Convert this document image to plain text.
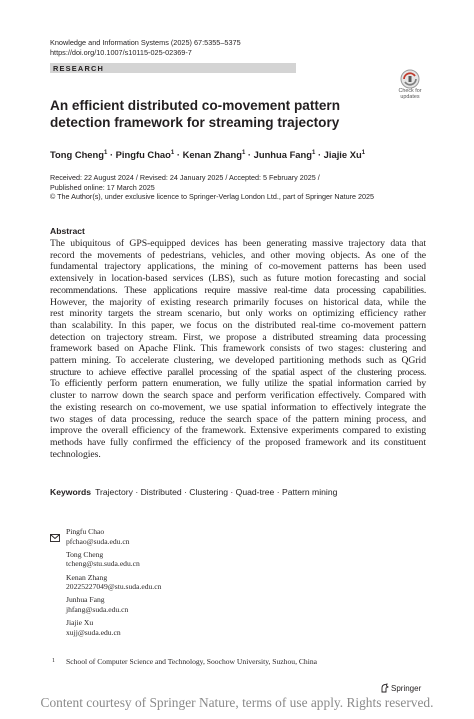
Knowledge and Information Systems (2025) 67:5355–5375
https://doi.org/10.1007/s10115-025-02369-7
RESEARCH
Check for
updates
An efficient distributed co-movement pattern detection framework for streaming trajectory
Tong Cheng$^1$ · Pingfu Chao$^1$ · Kenan Zhang$^1$ · Junhua Fang$^1$ · Jiajie Xu$^1$
Received: 22 August 2024 / Revised: 24 January 2025 / Accepted: 5 February 2025 /
Published online: 17 March 2025
© The Author(s), under exclusive licence to Springer-Verlag London Ltd., part of Springer Nature 2025
Abstract
The ubiquitous of GPS-equipped devices has been generating massive trajectory data that
record the movements of pedestrians, vehicles, and other moving objects. As one of the
fundamental trajectory applications, the mining of co-movement patterns has been used
extensively in location-based services (LBS), such as future motion forecasting and social
recommendations. These applications require massive real-time data processing capabilities.
However, the majority of existing research primarily focuses on historical data, while the
rest minority targets the stream scenario, but only works on optimizing efficiency rather
than scalability. In this paper, we focus on the distributed real-time co-movement pattern
detection on trajectory stream. First, we propose a distributed streaming data processing
framework based on Apache Flink. This framework consists of two stages: clustering and
pattern mining. To accelerate clustering, we developed partitioning methods such as QGrid
structure to achieve effective parallel processing of the spatial aspect of the clustering process.
To efficiently perform pattern enumeration, we fully utilize the spatial information carried by
cluster to narrow down the search space and perform verification effectively. Compared with
the existing research on co-movement, we use spatial information to effectively integrate the
two stages of data processing, reduce the search space of the pattern mining process, and
improve the overall efficiency of the framework. Extensive experiments compared to existing
methods have fully confirmed the efficiency of the proposed framework and its constituent
technologies.
Keywords Trajectory · Distributed · Clustering · Quad-tree · Pattern mining
Pingfu Chao
pfchao@suda.edu.cn
Tong Cheng
tcheng@stu.suda.edu.cn
Kenan Zhang
20225227049@stu.suda.edu.cn
Junhua Fang
jhfang@suda.edu.cn
Jiajie Xu
xujj@suda.edu.cn
1 School of Computer Science and Technology, Soochow University, Suzhou, China
Springer
Content courtesy of Springer Nature, terms of use apply. Rights reserved.
